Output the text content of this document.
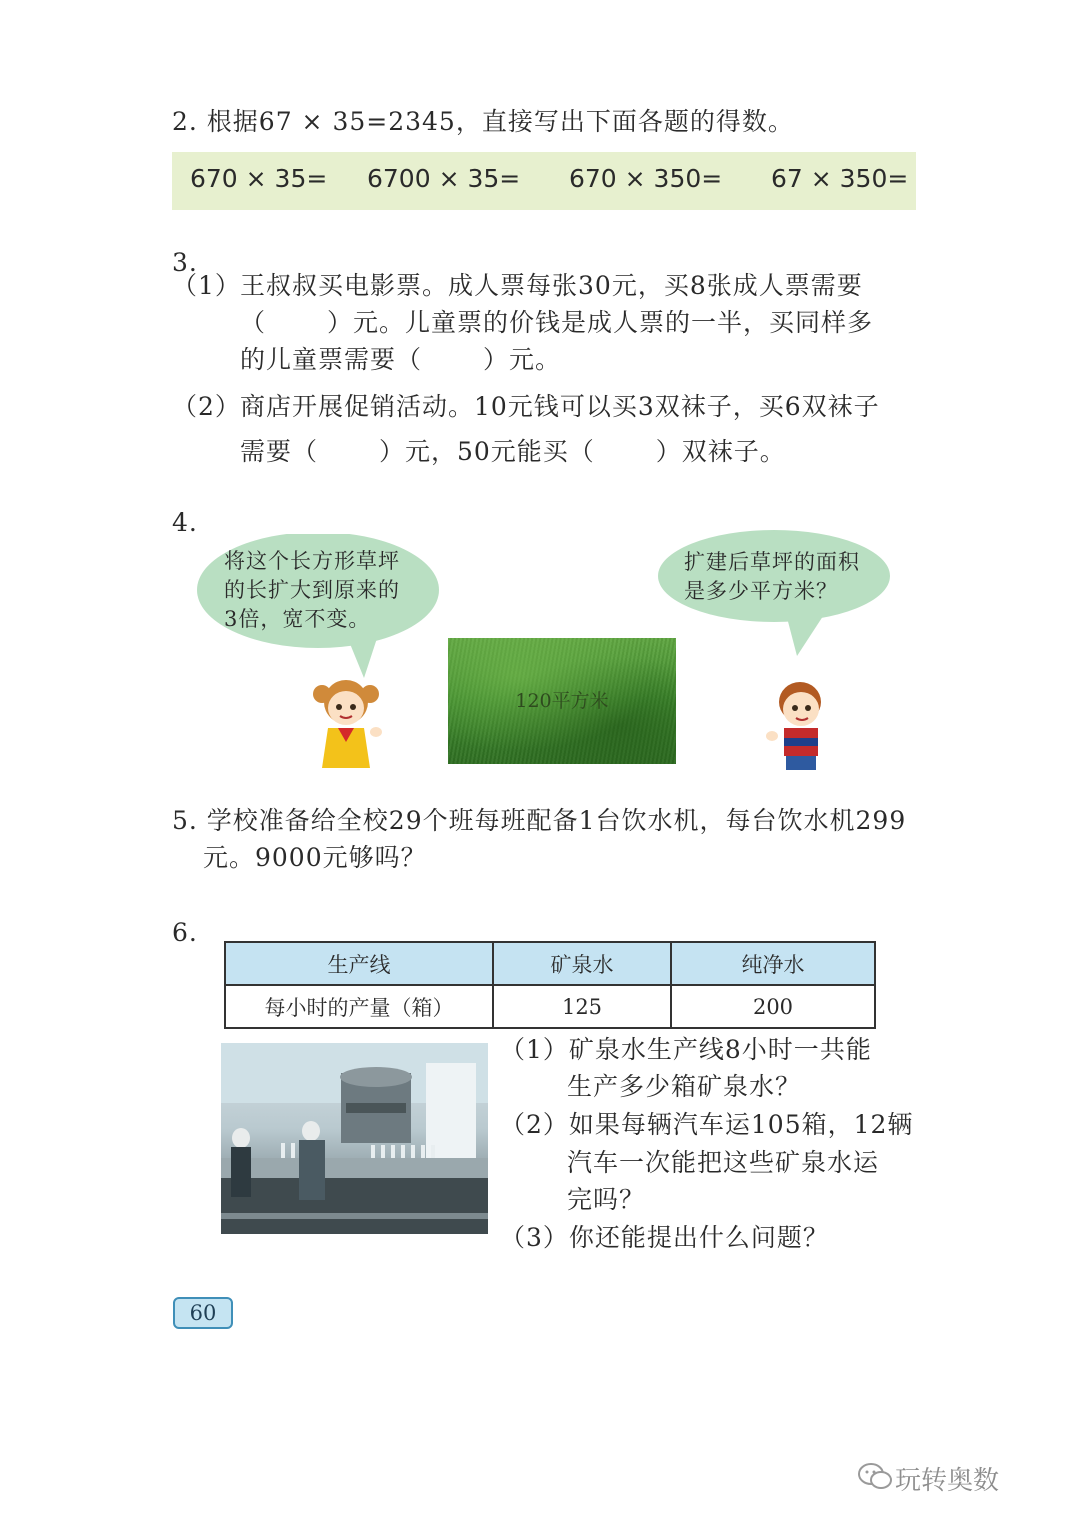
2. 根据67 × 35=2345，直接写出下面各题的得数。
670 × 35= 6700 × 35= 670 × 350= 67 × 350=
3.
（1） 王叔叔买电影票。成人票每张30元，买8张成人票需要
（　　 ）元。儿童票的价钱是成人票的一半，买同样多
的儿童票需要（　　 ）元。
（2） 商店开展促销活动。10元钱可以买3双袜子，买6双袜子
需要（　　 ）元，50元能买（　　 ）双袜子。
4.
将这个长方形草坪
的长扩大到原来的
3倍，宽不变。
扩建后草坪的面积
是多少平方米？
120平方米
5. 学校准备给全校29个班每班配备1台饮水机，每台饮水机299
元。9000元够吗？
6.
生产线	矿泉水	纯净水
每小时的产量（箱）	125	200
（1）矿泉水生产线8小时一共能
生产多少箱矿泉水？
（2）如果每辆汽车运105箱，12辆
汽车一次能把这些矿泉水运
完吗？
（3）你还能提出什么问题？
60
玩转奥数
